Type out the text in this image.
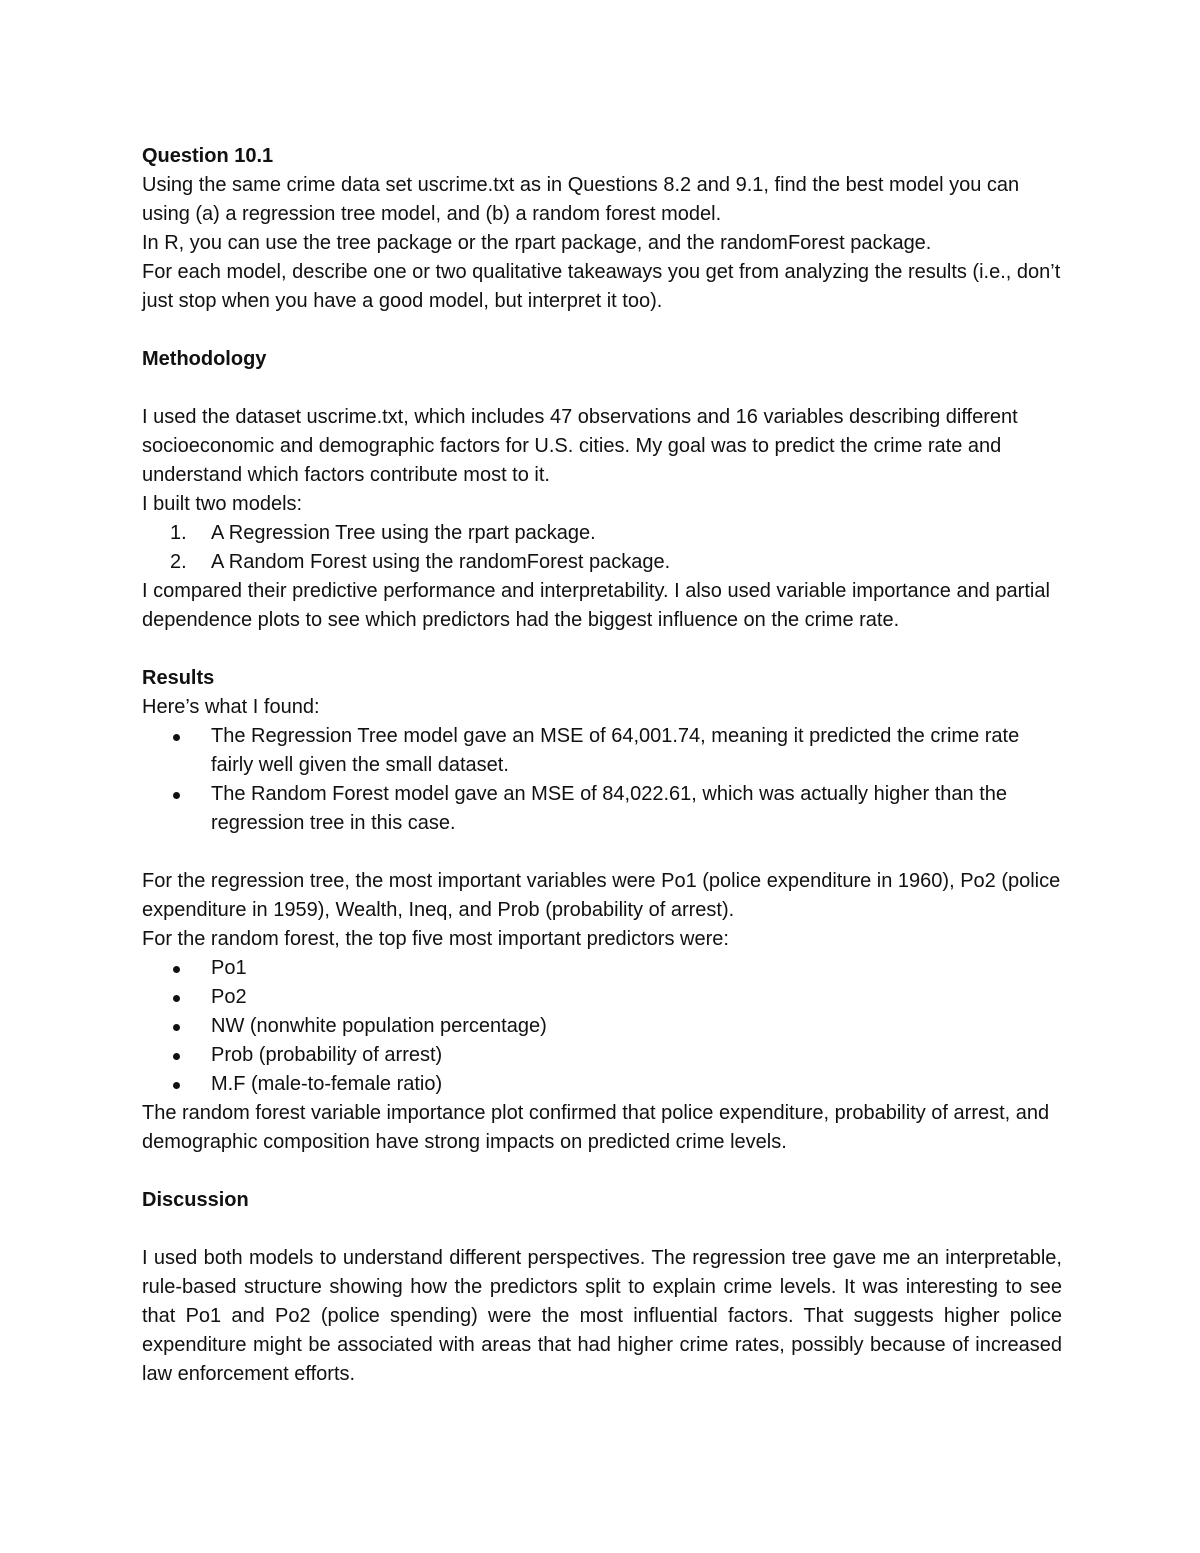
Question 10.1

Using the same crime data set uscrime.txt as in Questions 8.2 and 9.1, find the best model you can using (a) a regression tree model, and (b) a random forest model.

In R, you can use the tree package or the rpart package, and the randomForest package.

For each model, describe one or two qualitative takeaways you get from analyzing the results (i.e., don’t just stop when you have a good model, but interpret it too).

Methodology

I used the dataset uscrime.txt, which includes 47 observations and 16 variables describing different socioeconomic and demographic factors for U.S. cities. My goal was to predict the crime rate and understand which factors contribute most to it.

I built two models:

1. A Regression Tree using the rpart package.
2. A Random Forest using the randomForest package.

I compared their predictive performance and interpretability. I also used variable importance and partial dependence plots to see which predictors had the biggest influence on the crime rate.

Results

Here’s what I found:

The Regression Tree model gave an MSE of 64,001.74, meaning it predicted the crime rate fairly well given the small dataset.
The Random Forest model gave an MSE of 84,022.61, which was actually higher than the regression tree in this case.

For the regression tree, the most important variables were Po1 (police expenditure in 1960), Po2 (police expenditure in 1959), Wealth, Ineq, and Prob (probability of arrest).

For the random forest, the top five most important predictors were:

Po1
Po2
NW (nonwhite population percentage)
Prob (probability of arrest)
M.F (male-to-female ratio)

The random forest variable importance plot confirmed that police expenditure, probability of arrest, and demographic composition have strong impacts on predicted crime levels.

Discussion

I used both models to understand different perspectives. The regression tree gave me an interpretable, rule-based structure showing how the predictors split to explain crime levels. It was interesting to see that Po1 and Po2 (police spending) were the most influential factors. That suggests higher police expenditure might be associated with areas that had higher crime rates, possibly because of increased law enforcement efforts.
